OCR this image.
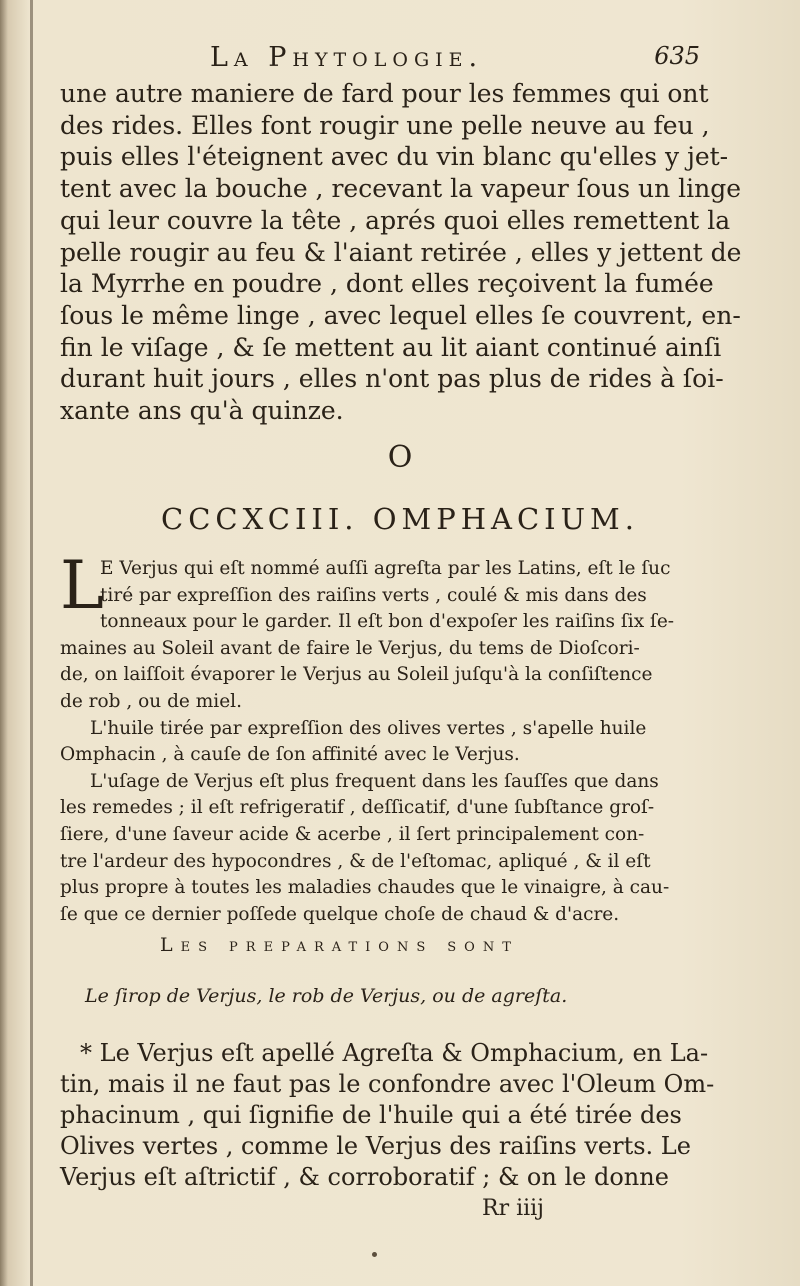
La Phytologie.	635
une autre maniere de fard pour les femmes qui ont
des rides. Elles font rougir une pelle neuve au feu ,
puis elles l'éteignent avec du vin blanc qu'elles y jet-
tent avec la bouche , recevant la vapeur ſous un linge
qui leur couvre la tête , aprés quoi elles remettent la
pelle rougir au feu & l'aiant retirée , elles y jettent de
la Myrrhe en poudre , dont elles reçoivent la fumée
ſous le même linge , avec lequel elles ſe couvrent, en-
fin le viſage , & ſe mettent au lit aiant continué ainſi
durant huit jours , elles n'ont pas plus de rides à ſoi-
xante ans qu'à quinze.
O
CCCXCIII. OMPHACIUM.
L
E Verjus qui eſt nommé auſſi agreſta par les Latins, eſt le ſuc
tiré par expreſſion des raiſins verts , coulé & mis dans des
tonneaux pour le garder. Il eſt bon d'expoſer les raiſins ſix ſe-
maines au Soleil avant de faire le Verjus, du tems de Dioſcori-
de, on laiſſoit évaporer le Verjus au Soleil juſqu'à la conſiſtence
de rob , ou de miel.
L'huile tirée par expreſſion des olives vertes , s'apelle huile
Omphacin , à cauſe de ſon affinité avec le Verjus.
L'uſage de Verjus eſt plus frequent dans les ſauſſes que dans
les remedes ; il eſt refrigeratif , deſſicatif, d'une ſubſtance groſ-
ſiere, d'une ſaveur acide & acerbe , il ſert principalement con-
tre l'ardeur des hypocondres , & de l'eſtomac, apliqué , & il eſt
plus propre à toutes les maladies chaudes que le vinaigre, à cau-
ſe que ce dernier poſſede quelque choſe de chaud & d'acre.
Les preparations sont
Le ſirop de Verjus, le rob de Verjus, ou de agreſta.
* Le Verjus eſt apellé Agreſta & Omphacium, en La-
tin, mais il ne faut pas le confondre avec l'Oleum Om-
phacinum , qui ſignifie de l'huile qui a été tirée des
Olives vertes , comme le Verjus des raiſins verts. Le
Verjus eſt aſtrictif , & corroboratif ; & on le donne
Rr iiij
